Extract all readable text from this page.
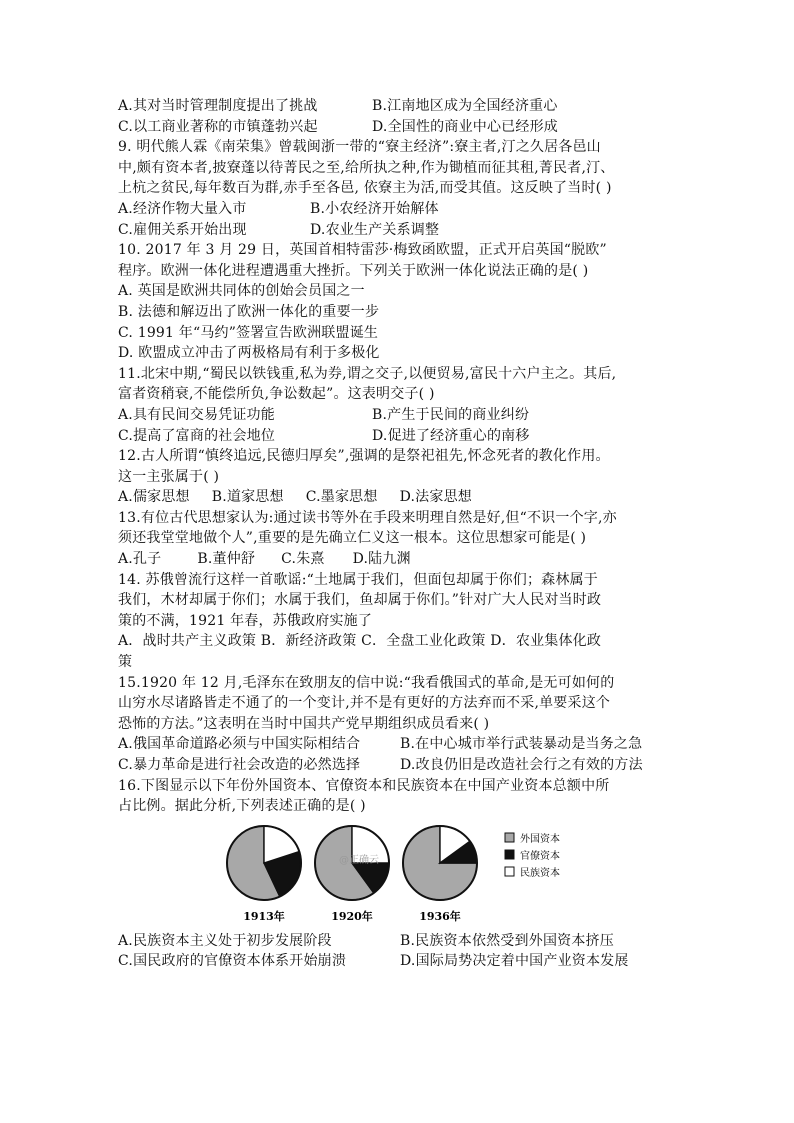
A.其对当时管理制度提出了挑战	B.江南地区成为全国经济重心
C.以工商业著称的市镇蓬勃兴起	D.全国性的商业中心已经形成
9. 明代熊人霖《南荣集》曾载闽浙一带的“寮主经济”:寮主者,汀之久居各邑山
中,颇有资本者,披寮蓬以待菁民之至,给所执之种,作为锄植而征其租,菁民者,汀、
上杭之贫民,每年数百为群,赤手至各邑, 依寮主为活,而受其值。这反映了当时( )
A.经济作物大量入市	B.小农经济开始解体
C.雇佣关系开始出现	D.农业生产关系调整
10. 2017 年 3 月 29 日，英国首相特雷莎·梅致函欧盟，正式开启英国“脱欧”
程序。欧洲一体化进程遭遇重大挫折。下列关于欧洲一体化说法正确的是( )
A. 英国是欧洲共同体的创始会员国之一
B. 法德和解迈出了欧洲一体化的重要一步
C. 1991 年“马约”签署宣告欧洲联盟诞生
D. 欧盟成立冲击了两极格局有利于多极化
11.北宋中期,“蜀民以铁钱重,私为券,谓之交子,以便贸易,富民十六户主之。其后,
富者资稍衰,不能偿所负,争讼数起”。这表明交子( )
A.具有民间交易凭证功能	B.产生于民间的商业纠纷
C.提高了富商的社会地位	D.促进了经济重心的南移
12.古人所谓“慎终追远,民德归厚矣”,强调的是祭祀祖先,怀念死者的教化作用。
这一主张属于( )
A.儒家思想 B.道家思想 C.墨家思想 D.法家思想
13.有位古代思想家认为:通过读书等外在手段来明理自然是好,但“不识一个字,亦
须还我堂堂地做个人”,重要的是先确立仁义这一根本。这位思想家可能是( )
A.孔子	B.董仲舒 C.朱熹 D.陆九渊
14. 苏俄曾流行这样一首歌谣:“土地属于我们，但面包却属于你们；森林属于
我们，木材却属于你们；水属于我们，鱼却属于你们。”针对广大人民对当时政
策的不满，1921 年春，苏俄政府实施了
A．战时共产主义政策 B．新经济政策 C．全盘工业化政策 D．农业集体化政
策
15.1920 年 12 月,毛泽东在致朋友的信中说:“我看俄国式的革命,是无可如何的
山穷水尽诸路皆走不通了的一个变计,并不是有更好的方法弃而不采,单要采这个
恐怖的方法。”这表明在当时中国共产党早期组织成员看来( )
A.俄国革命道路必须与中国实际相结合	B.在中心城市举行武装暴动是当务之急
C.暴力革命是进行社会改造的必然选择	D.改良仍旧是改造社会行之有效的方法
16.下图显示以下年份外国资本、官僚资本和民族资本在中国产业资本总额中所
占比例。据此分析,下列表述正确的是( )
1913年	1920年	1936年
@正确云
外国资本
官僚资本
民族资本
A.民族资本主义处于初步发展阶段	B.民族资本依然受到外国资本挤压
C.国民政府的官僚资本体系开始崩溃	D.国际局势决定着中国产业资本发展
